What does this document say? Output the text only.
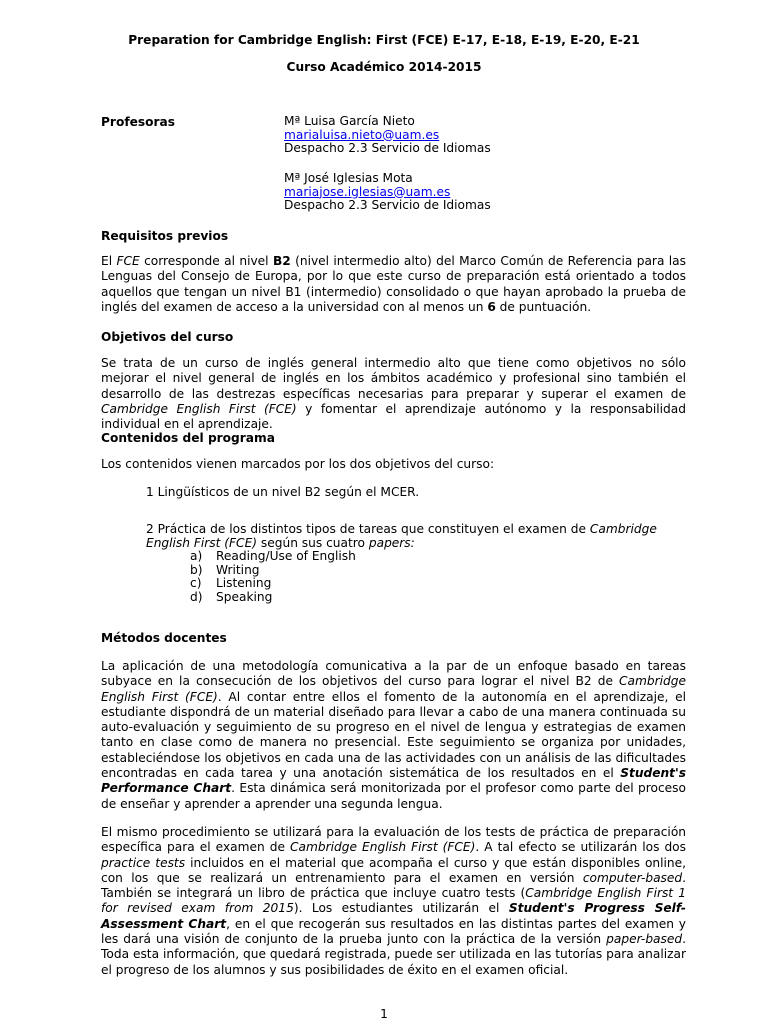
Preparation for Cambridge English: First (FCE) E-17, E-18, E-19, E-20, E-21
Curso Académico 2014-2015
Profesoras	Mª Luisa García Nieto
marialuisa.nieto@uam.es
Despacho 2.3 Servicio de Idiomas
Mª José Iglesias Mota
mariajose.iglesias@uam.es
Despacho 2.3 Servicio de Idiomas
Requisitos previos
El FCE corresponde al nivel B2 (nivel intermedio alto) del Marco Común de Referencia para las Lenguas del Consejo de Europa, por lo que este curso de preparación está orientado a todos aquellos que tengan un nivel B1 (intermedio) consolidado o que hayan aprobado la prueba de inglés del examen de acceso a la universidad con al menos un 6 de puntuación.
Objetivos del curso
Se trata de un curso de inglés general intermedio alto que tiene como objetivos no sólo mejorar el nivel general de inglés en los ámbitos académico y profesional sino también el desarrollo de las destrezas específicas necesarias para preparar y superar el examen de Cambridge English First (FCE) y fomentar el aprendizaje autónomo y la responsabilidad individual en el aprendizaje.
Contenidos del programa
Los contenidos vienen marcados por los dos objetivos del curso:
1 Lingüísticos de un nivel B2 según el MCER.
2 Práctica de los distintos tipos de tareas que constituyen el examen de Cambridge English First (FCE) según sus cuatro papers:
a) Reading/Use of English
b) Writing
c) Listening
d) Speaking
Métodos docentes
La aplicación de una metodología comunicativa a la par de un enfoque basado en tareas subyace en la consecución de los objetivos del curso para lograr el nivel B2 de Cambridge English First (FCE). Al contar entre ellos el fomento de la autonomía en el aprendizaje, el estudiante dispondrá de un material diseñado para llevar a cabo de una manera continuada su auto-evaluación y seguimiento de su progreso en el nivel de lengua y estrategias de examen tanto en clase como de manera no presencial. Este seguimiento se organiza por unidades, estableciéndose los objetivos en cada una de las actividades con un análisis de las dificultades encontradas en cada tarea y una anotación sistemática de los resultados en el Student's Performance Chart. Esta dinámica será monitorizada por el profesor como parte del proceso de enseñar y aprender a aprender una segunda lengua.
El mismo procedimiento se utilizará para la evaluación de los tests de práctica de preparación específica para el examen de Cambridge English First (FCE). A tal efecto se utilizarán los dos practice tests incluidos en el material que acompaña el curso y que están disponibles online, con los que se realizará un entrenamiento para el examen en versión computer-based. También se integrará un libro de práctica que incluye cuatro tests (Cambridge English First 1 for revised exam from 2015). Los estudiantes utilizarán el Student's Progress Self-Assessment Chart, en el que recogerán sus resultados en las distintas partes del examen y les dará una visión de conjunto de la prueba junto con la práctica de la versión paper-based. Toda esta información, que quedará registrada, puede ser utilizada en las tutorías para analizar el progreso de los alumnos y sus posibilidades de éxito en el examen oficial.
1
